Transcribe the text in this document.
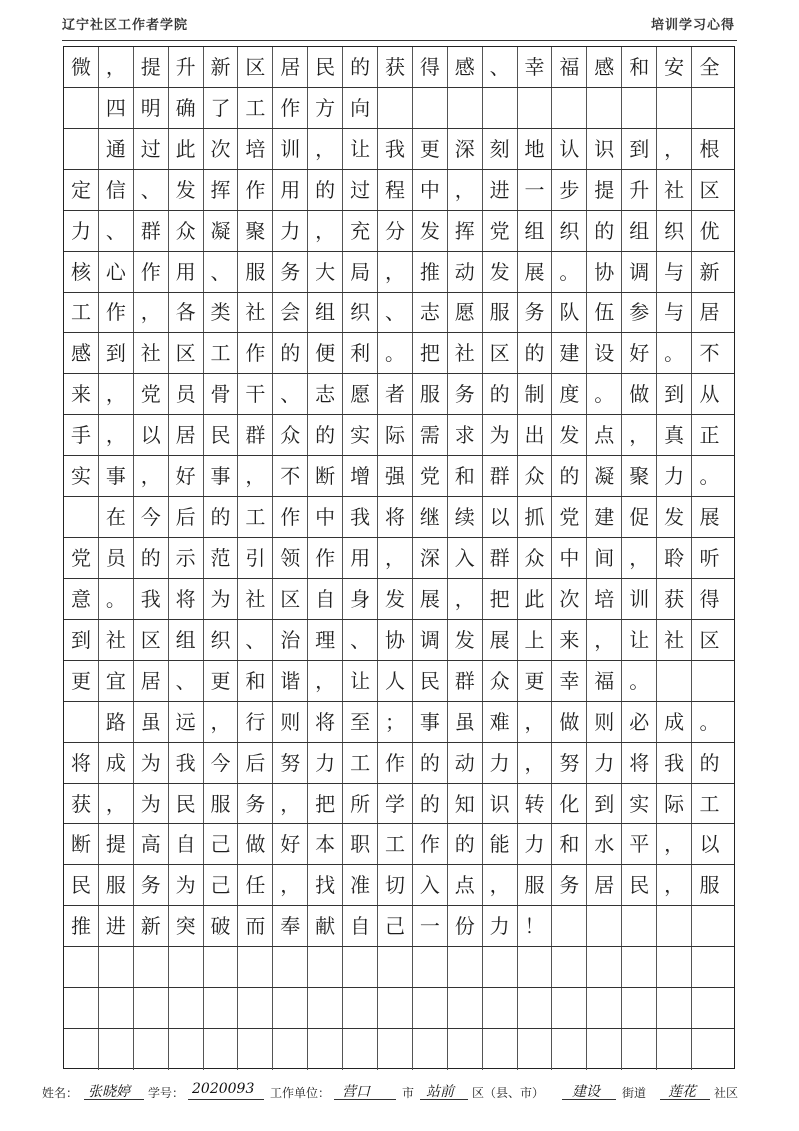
辽宁社区工作者学院	培训学习心得
微 ， 提 升 新 区 居 民 的 获 得 感 、 幸 福 感 和 安 全
四 明 确 了 工 作 方 向
通 过 此 次 培 训 ， 让 我 更 深 刻 地 认 识 到 ， 根
定 信 、 发 挥 作 用 的 过 程 中 ， 进 一 步 提 升 社 区
力 、 群 众 凝 聚 力 ， 充 分 发 挥 党 组 织 的 组 织 优
核 心 作 用 、 服 务 大 局 ， 推 动 发 展 。 协 调 与 新
工 作 ， 各 类 社 会 组 织 、 志 愿 服 务 队 伍 参 与 居
感 到 社 区 工 作 的 便 利 。 把 社 区 的 建 设 好 。 不
来 ， 党 员 骨 干 、 志 愿 者 服 务 的 制 度 。 做 到 从
手 ， 以 居 民 群 众 的 实 际 需 求 为 出 发 点 ， 真 正
实 事 ， 好 事 ， 不 断 增 强 党 和 群 众 的 凝 聚 力 。
在 今 后 的 工 作 中 我 将 继 续 以 抓 党 建 促 发 展
党 员 的 示 范 引 领 作 用 ， 深 入 群 众 中 间 ， 聆 听
意 。 我 将 为 社 区 自 身 发 展 ， 把 此 次 培 训 获 得
到 社 区 组 织 、 治 理 、 协 调 发 展 上 来 ， 让 社 区
更 宜 居 、 更 和 谐 ， 让 人 民 群 众 更 幸 福 。
路 虽 远 ， 行 则 将 至 ； 事 虽 难 ， 做 则 必 成 。
将 成 为 我 今 后 努 力 工 作 的 动 力 ， 努 力 将 我 的
获 ， 为 民 服 务 ， 把 所 学 的 知 识 转 化 到 实 际 工
断 提 高 自 己 做 好 本 职 工 作 的 能 力 和 水 平 ， 以
民 服 务 为 己 任 ， 找 准 切 入 点 ， 服 务 居 民 ， 服
推 进 新 突 破 而 奉 献 自 己 一 份 力 ！
姓名： 张晓婷 学号： 2020093 工作单位： 营口	市 站前 区（县、市） 建设 街道 莲花 社区
